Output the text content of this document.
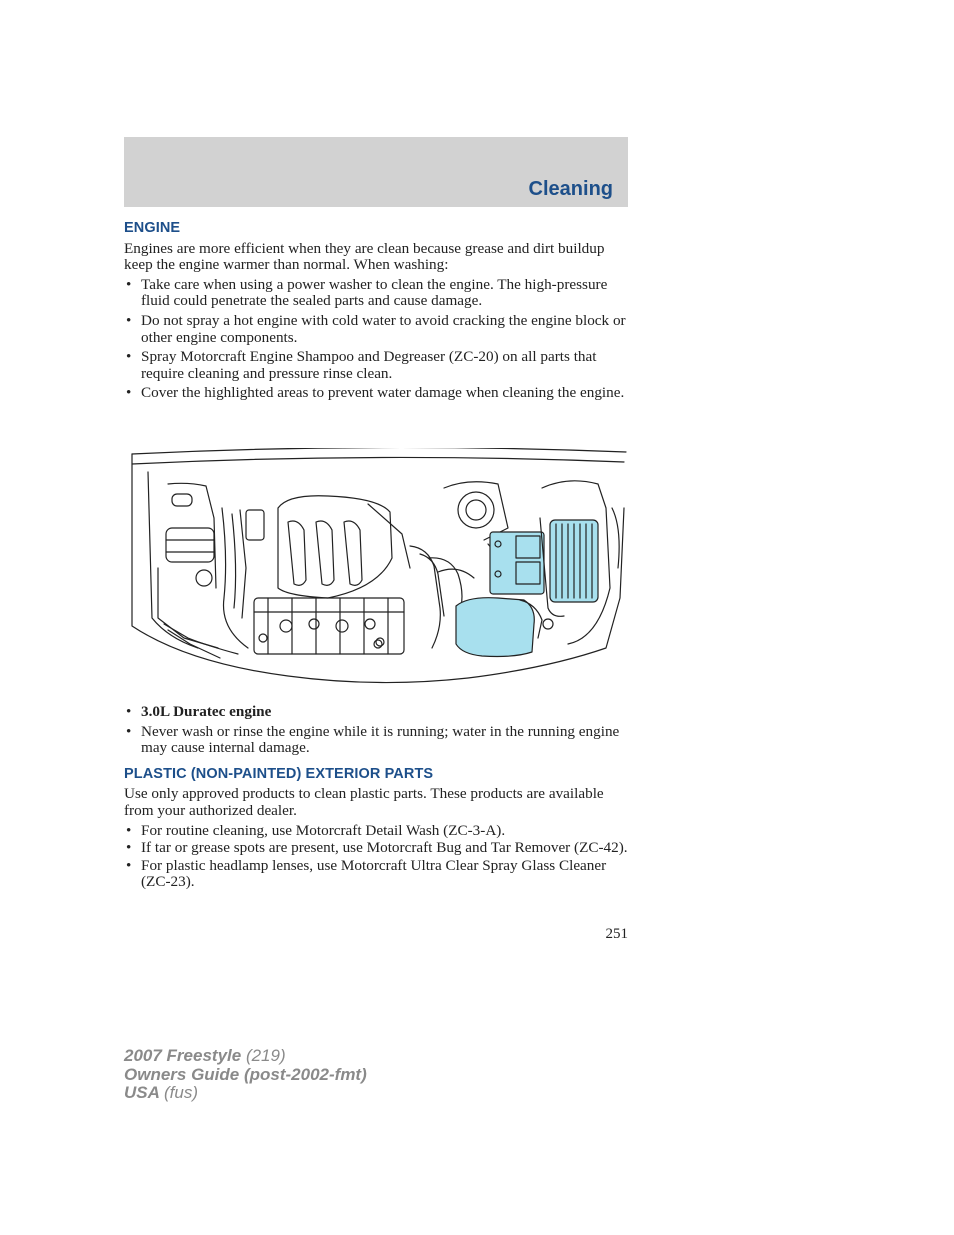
Cleaning
ENGINE

Engines are more efficient when they are clean because grease and dirt buildup keep the engine warmer than normal. When washing:

• Take care when using a power washer to clean the engine. The high-pressure fluid could penetrate the sealed parts and cause damage.
• Do not spray a hot engine with cold water to avoid cracking the engine block or other engine components.
• Spray Motorcraft Engine Shampoo and Degreaser (ZC-20) on all parts that require cleaning and pressure rinse clean.
• Cover the highlighted areas to prevent water damage when cleaning the engine.
• 3.0L Duratec engine
• Never wash or rinse the engine while it is running; water in the running engine may cause internal damage.
PLASTIC (NON-PAINTED) EXTERIOR PARTS

Use only approved products to clean plastic parts. These products are available from your authorized dealer.

• For routine cleaning, use Motorcraft Detail Wash (ZC-3-A).
• If tar or grease spots are present, use Motorcraft Bug and Tar Remover (ZC-42).
• For plastic headlamp lenses, use Motorcraft Ultra Clear Spray Glass Cleaner (ZC-23).
251
2007 Freestyle (219)
Owners Guide (post-2002-fmt)
USA (fus)
